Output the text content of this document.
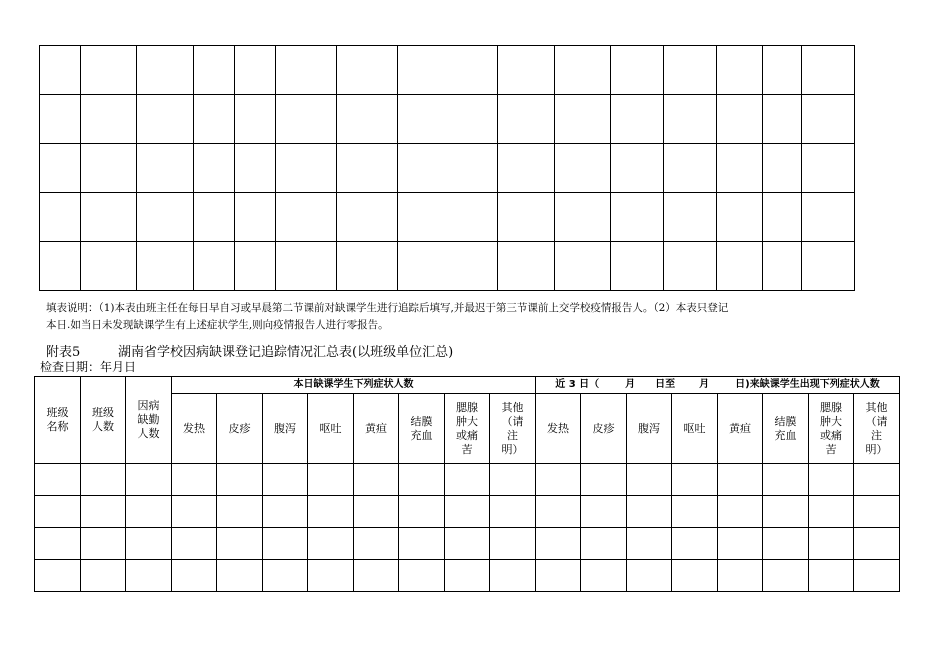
填表说明：（1)本表由班主任在每日早自习或早晨第二节课前对缺课学生进行追踪后填写,并最迟于第三节课前上交学校疫情报告人。（2）本表只登记
本日.如当日未发现缺课学生有上述症状学生,则向疫情报告人进行零报告。
附表5	湖南省学校因病缺课登记追踪情况汇总表(以班级单位汇总)
检查日期：年月日
班级名称	班级人数	因病缺勤人数	本日缺课学生下列症状人数								近 3 日（ 月 日至 月 日)来缺课学生出现下列症状人数							

			发热	皮疹	腹泻	呕吐	黄疸	结膜充血	腮腺肿大或痛苦	其他（请注明）	发热	皮疹	腹泻	呕吐	黄疸	结膜充血	腮腺肿大或痛苦	其他（请注明）
